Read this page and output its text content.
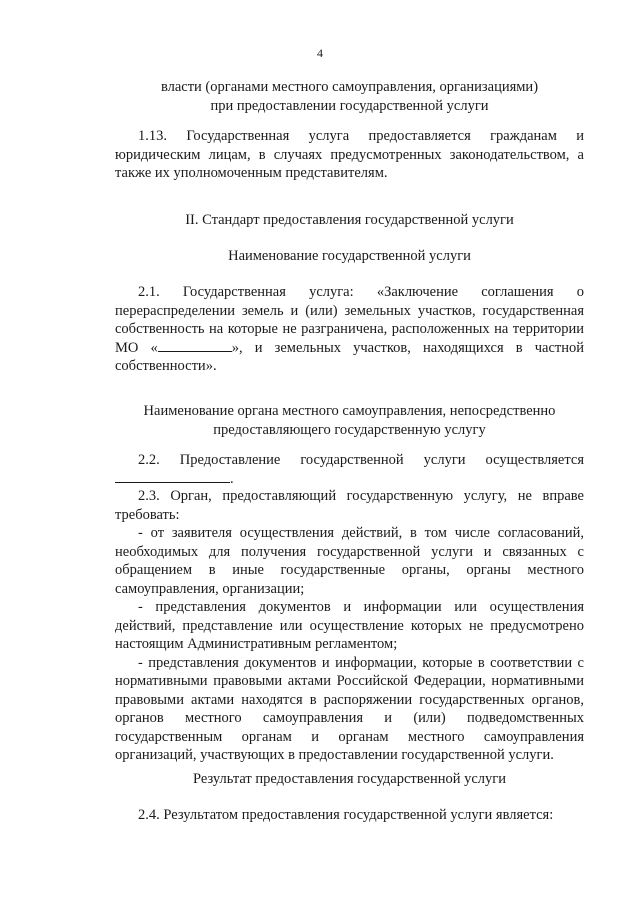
4
власти (органами местного самоуправления, организациями)
при предоставлении государственной услуги
1.13. Государственная услуга предоставляется гражданам и юридическим лицам, в случаях предусмотренных законодательством, а также их уполномоченным представителям.
II. Стандарт предоставления государственной услуги
Наименование государственной услуги
2.1. Государственная услуга: «Заключение соглашения о перераспределении земель и (или) земельных участков, государственная собственность на которые не разграничена, расположенных на территории МО «	», и земельных участков, находящихся в частной собственности».
Наименование органа местного самоуправления, непосредственно
предоставляющего государственную услугу
2.2. Предоставление государственной услуги осуществляется
.
2.3. Орган, предоставляющий государственную услугу, не вправе требовать:
- от заявителя осуществления действий, в том числе согласований, необходимых для получения государственной услуги и связанных с обращением в иные государственные органы, органы местного самоуправления, организации;
- представления документов и информации или осуществления действий, представление или осуществление которых не предусмотрено настоящим Административным регламентом;
- представления документов и информации, которые в соответствии с нормативными правовыми актами Российской Федерации, нормативными правовыми актами находятся в распоряжении государственных органов, органов местного самоуправления и (или) подведомственных государственным органам и органам местного самоуправления организаций, участвующих в предоставлении государственной услуги.
Результат предоставления государственной услуги
2.4. Результатом предоставления государственной услуги является:
